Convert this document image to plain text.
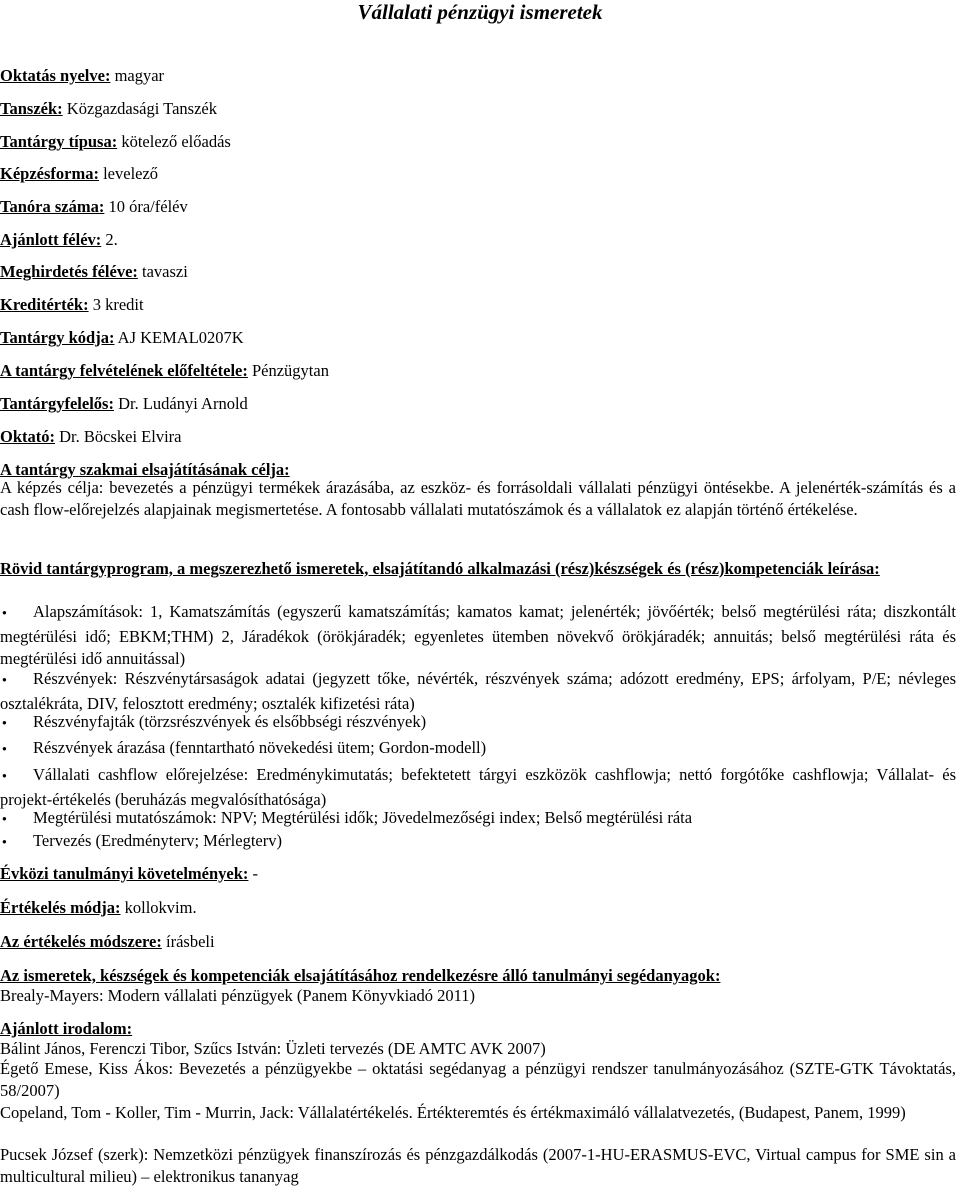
Vállalati pénzügyi ismeretek
Oktatás nyelve: magyar
Tanszék: Közgazdasági Tanszék
Tantárgy típusa: kötelező előadás
Képzésforma: levelező
Tanóra száma: 10 óra/félév
Ajánlott félév: 2.
Meghirdetés féléve: tavaszi
Kreditérték: 3 kredit
Tantárgy kódja: AJ KEMAL0207K
A tantárgy felvételének előfeltétele: Pénzügytan
Tantárgyfelelős: Dr. Ludányi Arnold
Oktató: Dr. Böcskei Elvira
A tantárgy szakmai elsajátításának célja:
A képzés célja: bevezetés a pénzügyi termékek árazásába, az eszköz- és forrásoldali vállalati pénzügyi öntésekbe. A jelenérték-számítás és a cash flow-előrejelzés alapjainak megismertetése. A fontosabb vállalati mutatószámok és a vállalatok ez alapján történő értékelése.
Rövid tantárgyprogram, a megszerezhető ismeretek, elsajátítandó alkalmazási (rész)készségek és (rész)kompetenciák leírása:
●Alapszámítások: 1, Kamatszámítás (egyszerű kamatszámítás; kamatos kamat; jelenérték; jövőérték; belső megtérülési ráta; diszkontált megtérülési idő; EBKM;THM) 2, Járadékok (örökjáradék; egyenletes ütemben növekvő örökjáradék; annuitás; belső megtérülési ráta és megtérülési idő annuitással)
●Részvények: Részvénytársaságok adatai (jegyzett tőke, névérték, részvények száma; adózott eredmény, EPS; árfolyam, P/E; névleges osztalékráta, DIV, felosztott eredmény; osztalék kifizetési ráta)
●Részvényfajták (törzsrészvények és elsőbbségi részvények)
●Részvények árazása (fenntartható növekedési ütem; Gordon-modell)
●Vállalati cashflow előrejelzése: Eredménykimutatás; befektetett tárgyi eszközök cashflowja; nettó forgótőke cashflowja; Vállalat- és projekt-értékelés (beruházás megvalósíthatósága)
●Megtérülési mutatószámok: NPV; Megtérülési idők; Jövedelmezőségi index; Belső megtérülési ráta
●Tervezés (Eredményterv; Mérlegterv)
Évközi tanulmányi követelmények: -
Értékelés módja: kollokvim.
Az értékelés módszere: írásbeli
Az ismeretek, készségek és kompetenciák elsajátításához rendelkezésre álló tanulmányi segédanyagok:
Brealy-Mayers: Modern vállalati pénzügyek (Panem Könyvkiadó 2011)
Ajánlott irodalom:
Bálint János, Ferenczi Tibor, Szűcs István: Üzleti tervezés (DE AMTC AVK 2007)
Égető Emese, Kiss Ákos: Bevezetés a pénzügyekbe – oktatási segédanyag a pénzügyi rendszer tanulmányozásához (SZTE-GTK Távoktatás, 58/2007)
Copeland, Tom - Koller, Tim - Murrin, Jack: Vállalatértékelés. Értékteremtés és értékmaximáló vállalatvezetés, (Budapest, Panem, 1999)
Pucsek József (szerk): Nemzetközi pénzügyek finanszírozás és pénzgazdálkodás (2007-1-HU-ERASMUS-EVC, Virtual campus for SME sin a multicultural milieu) – elektronikus tananyag
